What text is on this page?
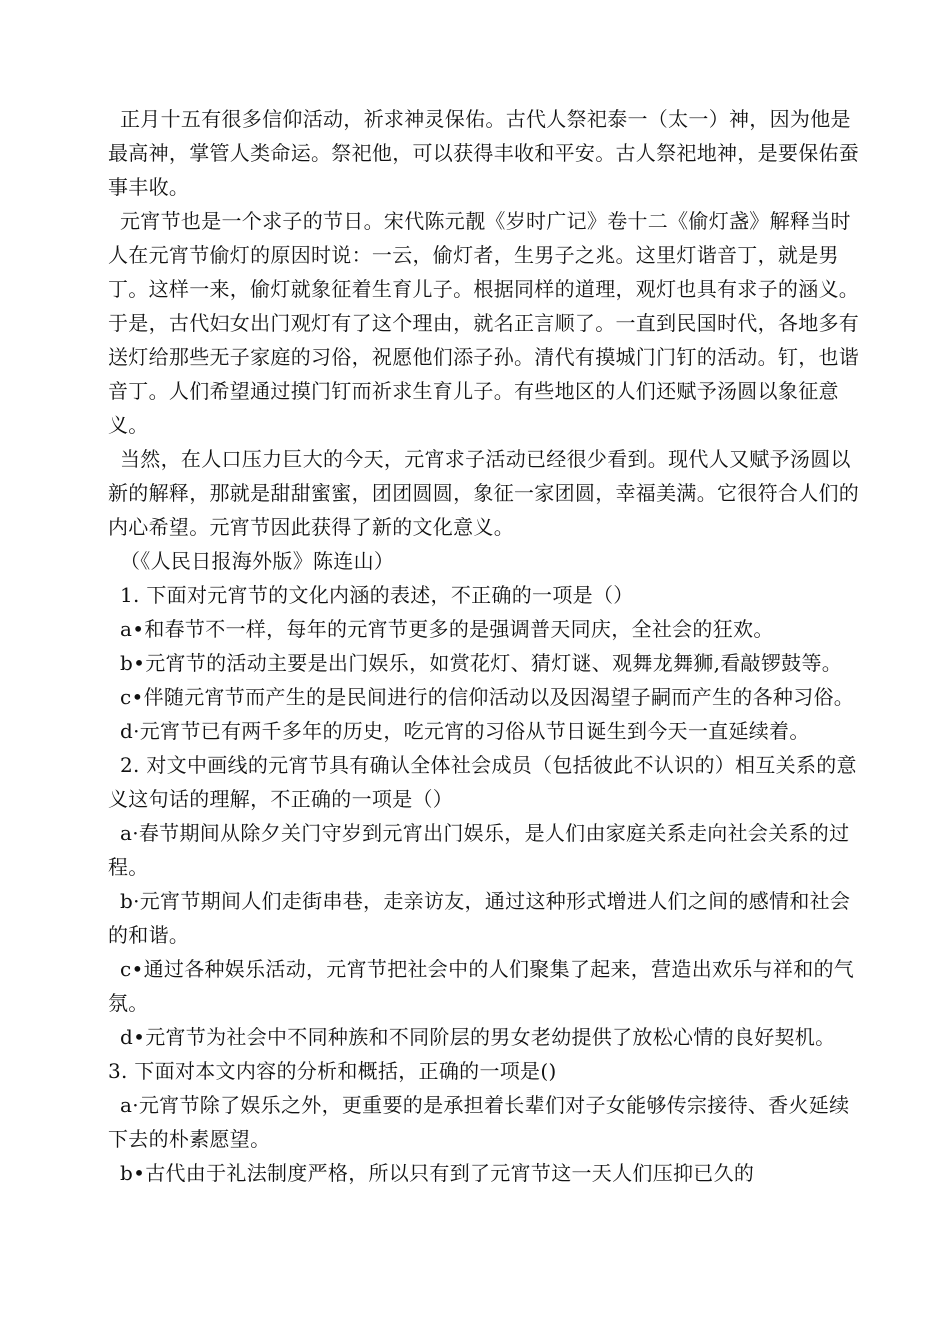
正月十五有很多信仰活动，祈求神灵保佑。古代人祭祀泰一（太一）神，因为他是最高神，掌管人类命运。祭祀他，可以获得丰收和平安。古人祭祀地神，是要保佑蚕事丰收。

元宵节也是一个求子的节日。宋代陈元靓《岁时广记》卷十二《偷灯盏》解释当时人在元宵节偷灯的原因时说：一云，偷灯者，生男子之兆。这里灯谐音丁，就是男丁。这样一来，偷灯就象征着生育儿子。根据同样的道理，观灯也具有求子的涵义。于是，古代妇女出门观灯有了这个理由，就名正言顺了。一直到民国时代，各地多有送灯给那些无子家庭的习俗，祝愿他们添子孙。清代有摸城门门钉的活动。钉，也谐音丁。人们希望通过摸门钉而祈求生育儿子。有些地区的人们还赋予汤圆以象征意义。

当然，在人口压力巨大的今天，元宵求子活动已经很少看到。现代人又赋予汤圆以新的解释，那就是甜甜蜜蜜，团团圆圆，象征一家团圆，幸福美满。它很符合人们的内心希望。元宵节因此获得了新的文化意义。

（《人民日报海外版》陈连山）

1. 下面对元宵节的文化内涵的表述，不正确的一项是（）

a•和春节不一样，每年的元宵节更多的是强调普天同庆，全社会的狂欢。

b•元宵节的活动主要是出门娱乐，如赏花灯、猜灯谜、观舞龙舞狮,看敲锣鼓等。

c•伴随元宵节而产生的是民间进行的信仰活动以及因渴望子嗣而产生的各种习俗。

d·元宵节已有两千多年的历史，吃元宵的习俗从节日诞生到今天一直延续着。

2. 对文中画线的元宵节具有确认全体社会成员（包括彼此不认识的）相互关系的意义这句话的理解，不正确的一项是（）

a·春节期间从除夕关门守岁到元宵出门娱乐，是人们由家庭关系走向社会关系的过程。

b·元宵节期间人们走街串巷，走亲访友，通过这种形式增进人们之间的感情和社会的和谐。

c•通过各种娱乐活动，元宵节把社会中的人们聚集了起来，营造出欢乐与祥和的气氛。

d•元宵节为社会中不同种族和不同阶层的男女老幼提供了放松心情的良好契机。

3. 下面对本文内容的分析和概括，正确的一项是()

a·元宵节除了娱乐之外，更重要的是承担着长辈们对子女能够传宗接待、香火延续下去的朴素愿望。

b•古代由于礼法制度严格，所以只有到了元宵节这一天人们压抑已久的
